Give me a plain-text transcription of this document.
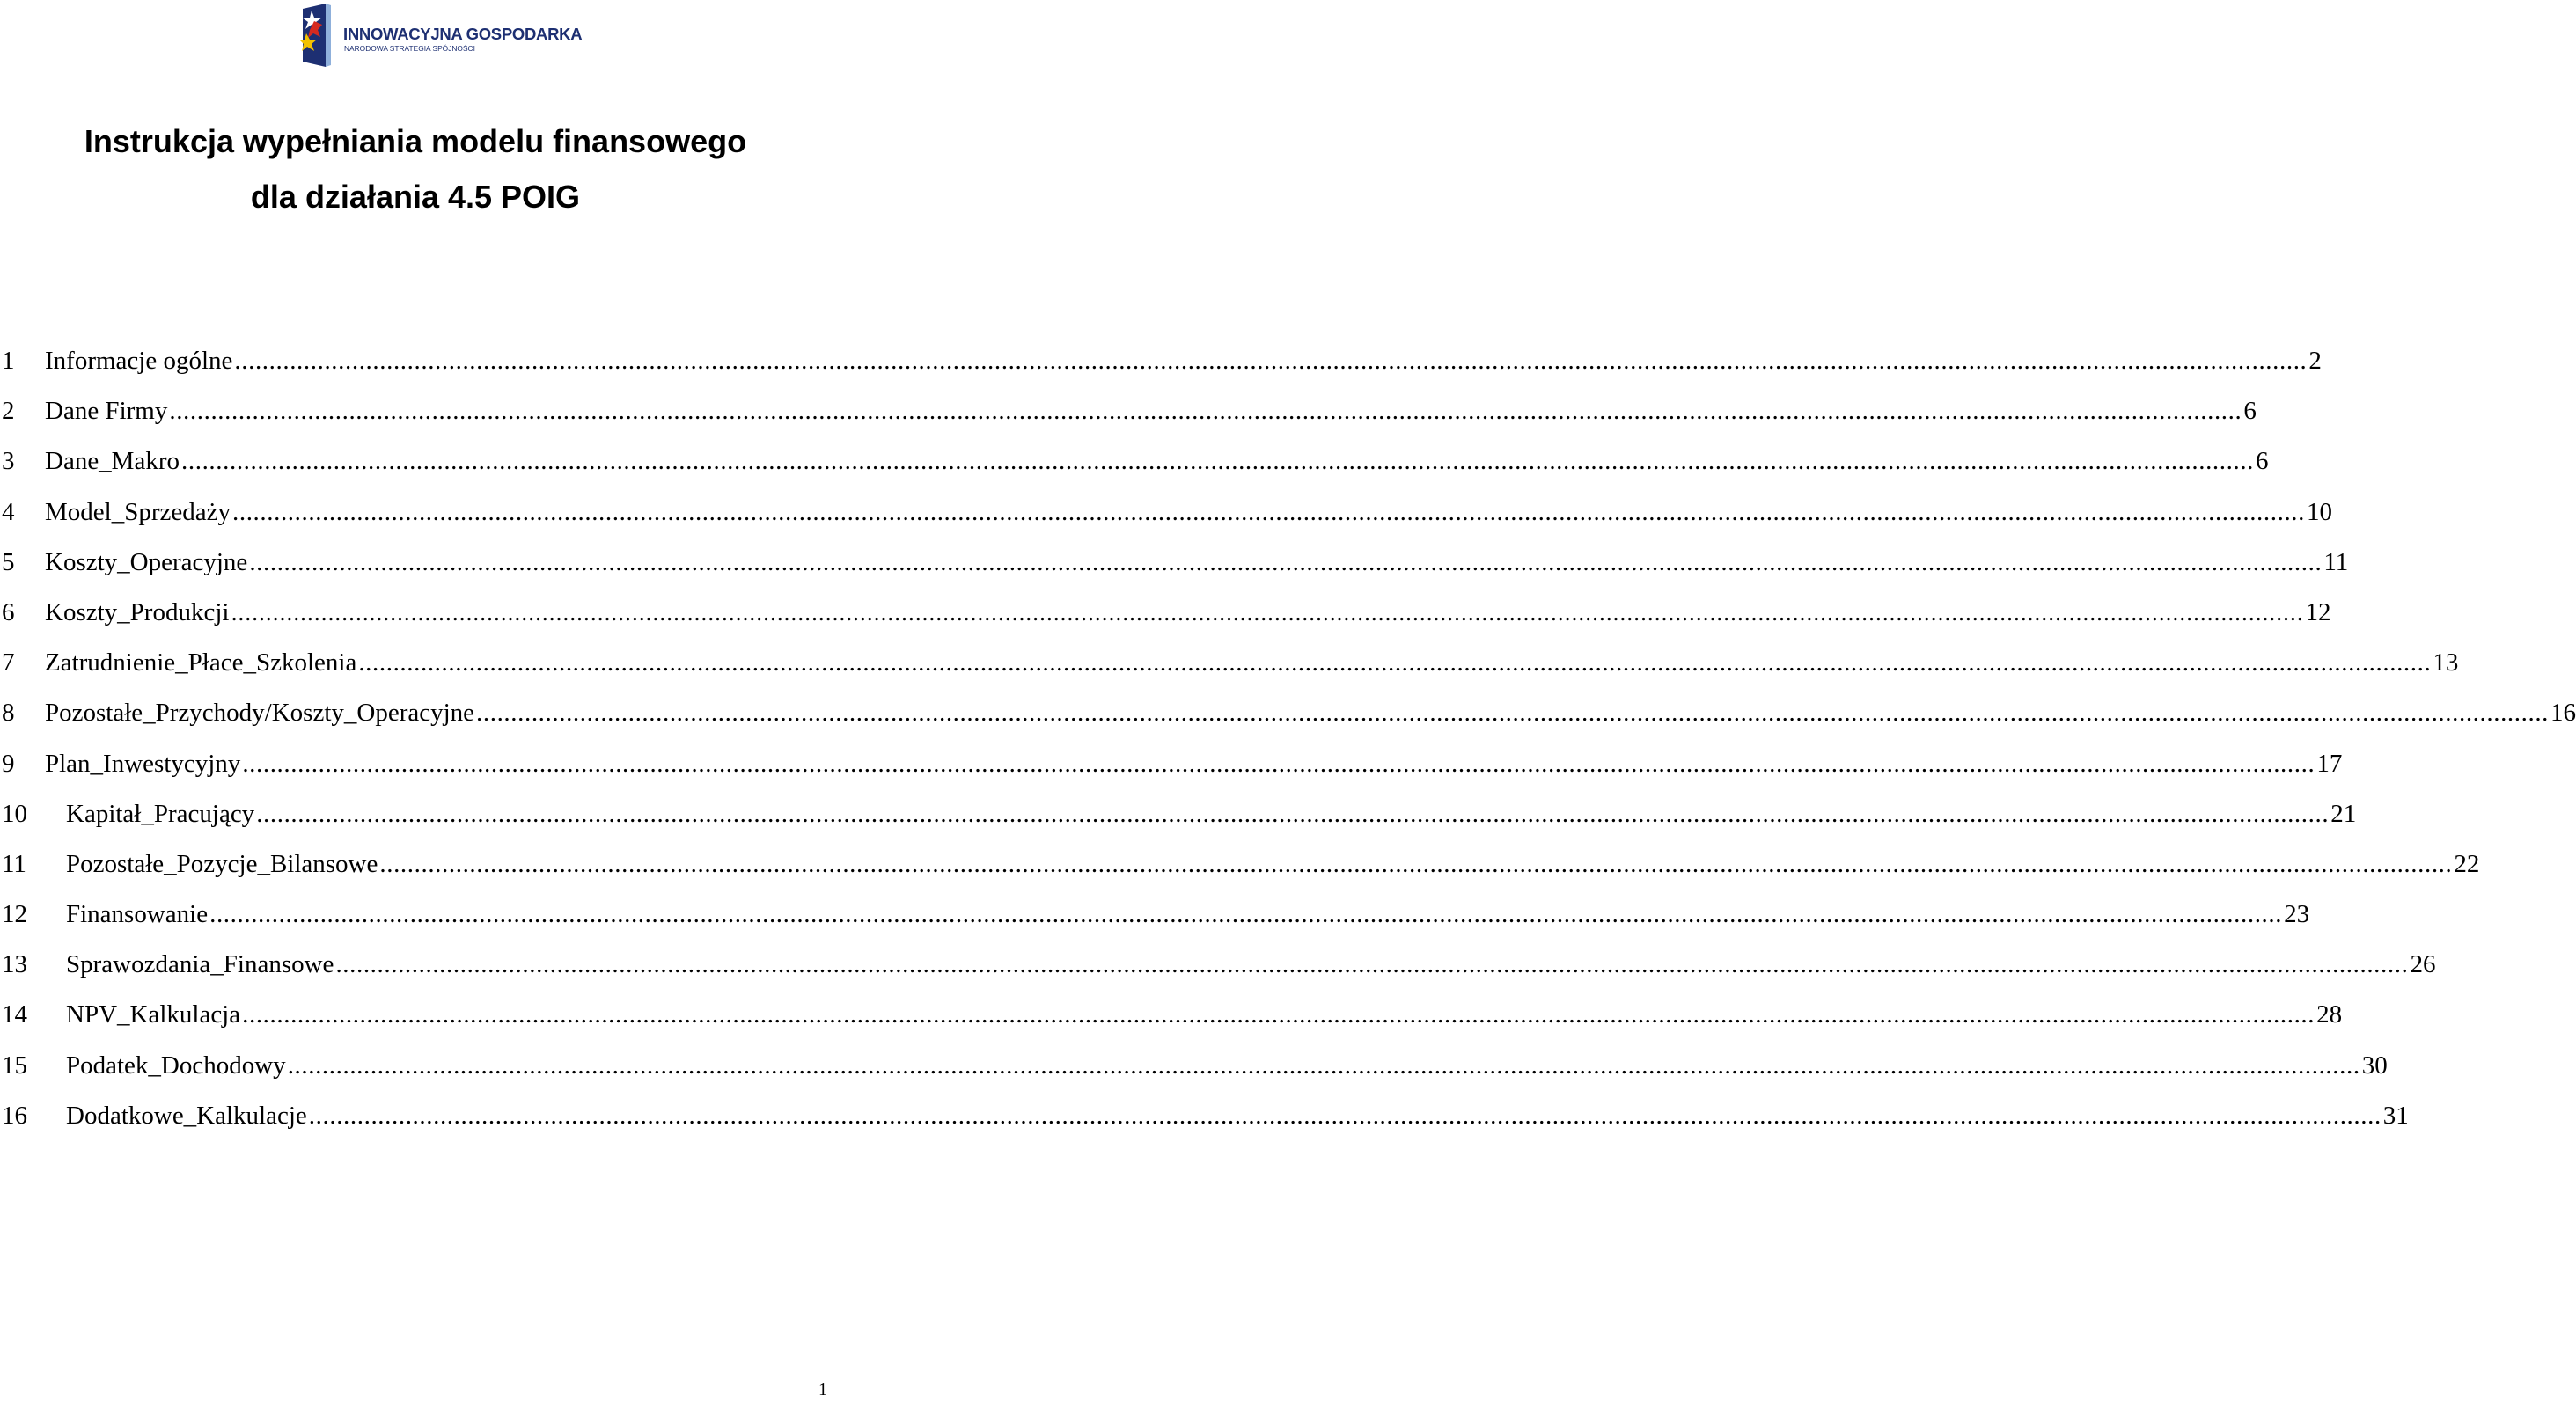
INNOWACYJNA GOSPODARKA
NARODOWA STRATEGIA SPÓJNOŚCI
Instrukcja wypełniania modelu finansowego
dla działania 4.5 POIG
1 Informacje ogólne ............................................................................................................................................................................................................................................................................................................ 2
2 Dane Firmy ............................................................................................................................................................................................................................................................................................................ 6
3 Dane_Makro ............................................................................................................................................................................................................................................................................................................ 6
4 Model_Sprzedaży ............................................................................................................................................................................................................................................................................................................ 10
5 Koszty_Operacyjne ............................................................................................................................................................................................................................................................................................................ 11
6 Koszty_Produkcji ............................................................................................................................................................................................................................................................................................................ 12
7 Zatrudnienie_Płace_Szkolenia ............................................................................................................................................................................................................................................................................................................ 13
8 Pozostałe_Przychody/Koszty_Operacyjne ............................................................................................................................................................................................................................................................................................................ 16
9 Plan_Inwestycyjny ............................................................................................................................................................................................................................................................................................................ 17
10 Kapitał_Pracujący ............................................................................................................................................................................................................................................................................................................ 21
11 Pozostałe_Pozycje_Bilansowe ............................................................................................................................................................................................................................................................................................................ 22
12 Finansowanie ............................................................................................................................................................................................................................................................................................................ 23
13 Sprawozdania_Finansowe ............................................................................................................................................................................................................................................................................................................ 26
14 NPV_Kalkulacja ............................................................................................................................................................................................................................................................................................................ 28
15 Podatek_Dochodowy ............................................................................................................................................................................................................................................................................................................ 30
16 Dodatkowe_Kalkulacje ............................................................................................................................................................................................................................................................................................................ 31
1
